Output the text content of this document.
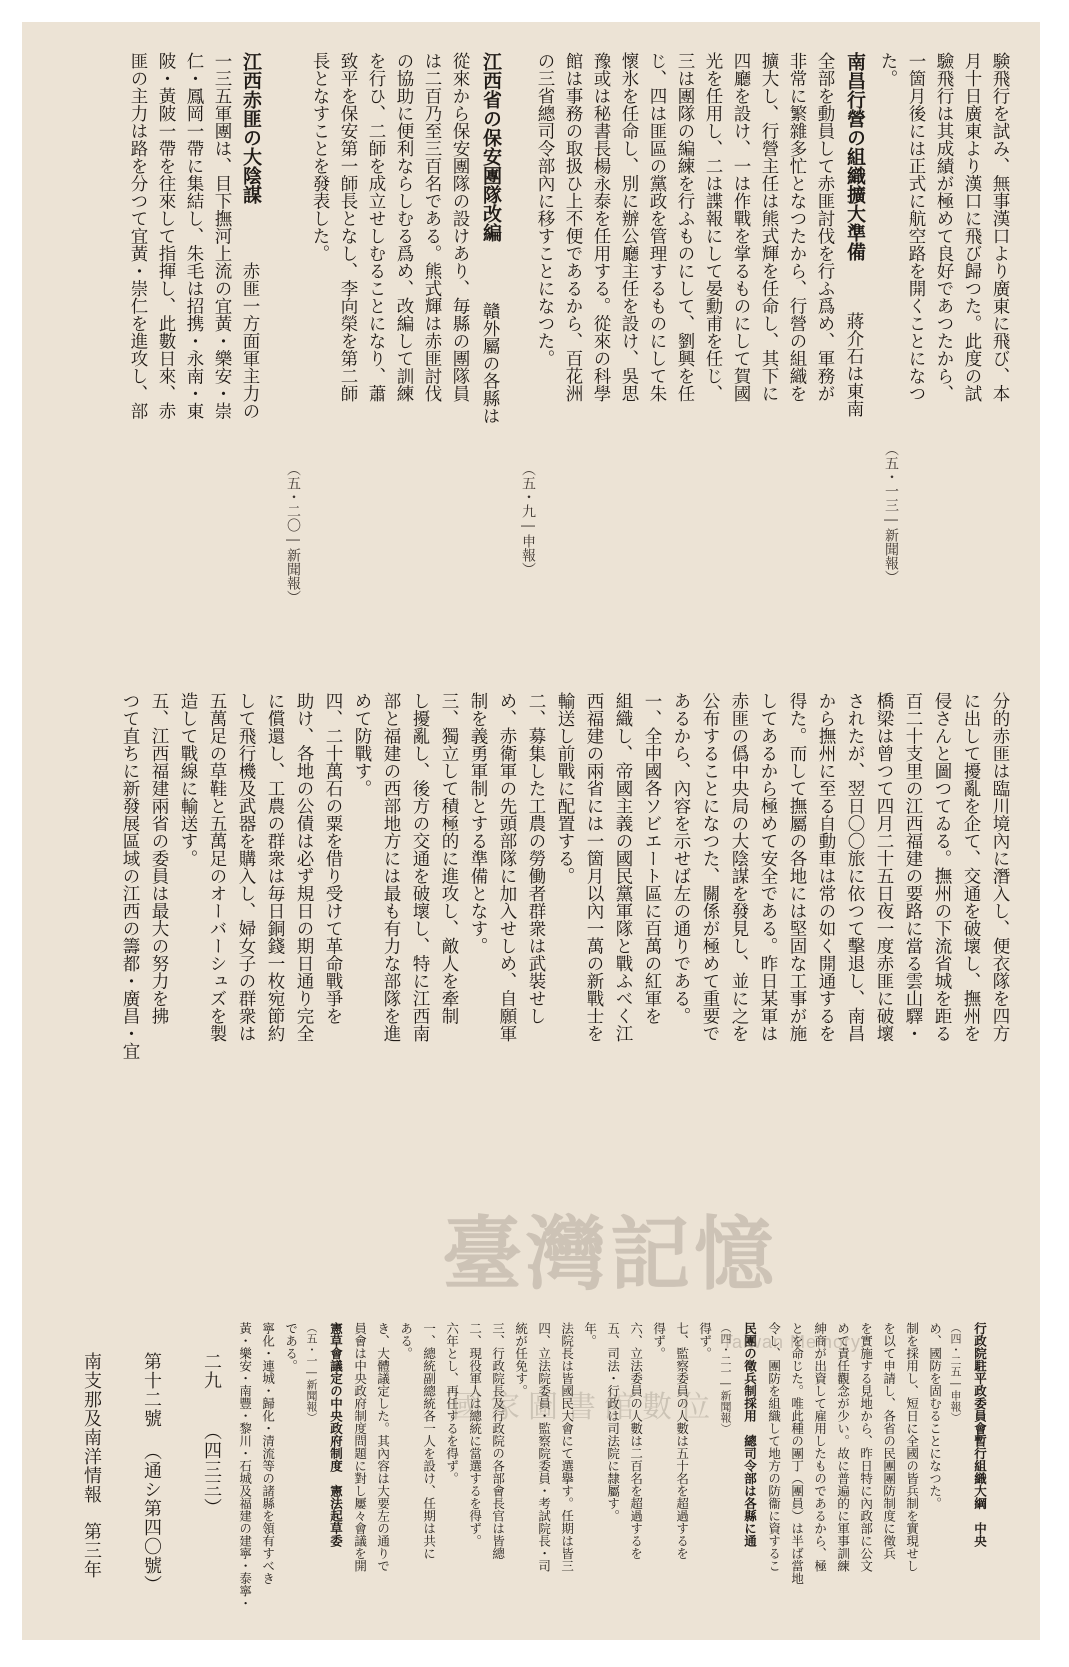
南支那及南洋情報
第三年
第十二號
（通シ第四〇號）
二九
（四三三）
験飛行を試み、無事漢口より廣東に飛び、本
月十日廣東より漢口に飛び歸つた。此度の試
驗飛行は其成績が極めて良好であつたから、
一箇月後には正式に航空路を開くことになつ
た。
（五・一三―新聞報）
南昌行營の組織擴大準備
蔣介石は東南
全部を動員して赤匪討伐を行ふ爲め、軍務が
非常に繁雜多忙となつたから、行營の組織を
擴大し、行營主任は熊式輝を任命し、其下に
四廳を設け、一は作戰を掌るものにして賀國
光を任用し、二は諜報にして晏勳甫を任じ、
三は團隊の編練を行ふものにして、劉興を任
じ、四は匪區の黨政を管理するものにして朱
懷氷を任命し、別に辦公廳主任を設け、吳思
豫或は秘書長楊永泰を任用する。從來の科學
館は事務の取扱ひ上不便であるから、百花洲
の三省總司令部內に移すことになつた。
（五・九―申報）
江西省の保安團隊改編
贛外屬の各縣は
從來から保安團隊の設けあり、毎縣の團隊員
は二百乃至三百名である。熊式輝は赤匪討伐
の協助に便利ならしむる爲め、改編して訓練
を行ひ、二師を成立せしむることになり、蕭
致平を保安第一師長となし、李向榮を第二師
長となすことを發表した。
（五・二〇―新聞報）
江西赤匪の大陰謀
赤匪一方面軍主力の
一三五軍團は、目下撫河上流の宜黃・樂安・崇
仁・鳳岡一帶に集結し、朱毛は招携・永南・東
陂・黃陂一帶を往來して指揮し、此數日來、赤
匪の主力は路を分つて宜黃・崇仁を進攻し、部
分的赤匪は臨川境內に潛入し、便衣隊を四方
に出して擾亂を企て、交通を破壞し、撫州を
侵さんと圖つてゐる。撫州の下流省城を距る
百二十支里の江西福建の要路に當る雲山驛・
橋梁は曾つて四月二十五日夜一度赤匪に破壞
されたが、翌日〇〇旅に依つて擊退し、南昌
から撫州に至る自動車は常の如く開通するを
得た。而して撫屬の各地には堅固な工事が施
してあるから極めて安全である。昨日某軍は
赤匪の僞中央局の大陰謀を發見し、並に之を
公布することになつた、關係が極めて重要で
あるから、內容を示せば左の通りである。
一、全中國各ソビエート區に百萬の紅軍を
組織し、帝國主義の國民黨軍隊と戰ふべく江
西福建の兩省には一箇月以內一萬の新戰士を
輸送し前戰に配置する。
二、募集した工農の勞働者群衆は武裝せし
め、赤衛軍の先頭部隊に加入せしめ、自願軍
制を義勇軍制とする準備となす。
三、獨立して積極的に進攻し、敵人を牽制
し擾亂し、後方の交通を破壞し、特に江西南
部と福建の西部地方には最も有力な部隊を進
めて防戰す。
四、二十萬石の粟を借り受けて革命戰爭を
助け、各地の公債は必ず規日の期日通り完全
に償還し、工農の群衆は毎日銅錢一枚宛節約
して飛行機及武器を購入し、婦女子の群衆は
五萬足の草鞋と五萬足のオーバーシュズを製
造して戰線に輸送す。
五、江西福建兩省の委員は最大の努力を拂
つて直ちに新發展區域の江西の籌都・廣昌・宜
黃・樂安・南豐・黎川・石城及福建の建寧・泰寧・ 寧化・連城・歸化・清流等の諸縣を領有すべき である。 （五・一―新聞報） 憲草會議定の中央政府制度　憲法起草委 員會は中央政府制度問題に對し屢々會議を開 き、大體議定した。其內容は大要左の通りで ある。 一、總統副總統各一人を設け、任期は共に 六年とし、再任するを得ず。 二、現役軍人は總統に當選するを得ず。 三、行政院長及行政院の各部會長官は皆總 統が任免す。 四、立法院委員・監察院委員・考試院長・司 法院長は皆國民大會にて選擧す。任期は皆三 年。 五、司法・行政は司法院に隸屬す。 六、立法委員の人數は二百名を超過するを 得ず。 七、監察委員の人數は五十名を超過するを 得ず。 （四・二一―新聞報） 民團の徵兵制採用　總司令部は各縣に通 令し、團防を組織して地方の防衞に資するこ とを命じた。唯此種の團丁（團員）は半ば當地 紳商が出資して雇用したものであるから、極 めて責任觀念が少い。故に普遍的に軍事訓練 を實施する見地から、昨日特に內政部に公文 を以て申請し、各省の民團團防制度に徵兵 制を採用し、短日に全國の皆兵制を實現せし め、國防を固むることになつた。 （四・二五―申報） 行政院駐平政委員會暫行組織大綱　中央
臺灣記憶
Taiwan Memory
國家圖書館數位
